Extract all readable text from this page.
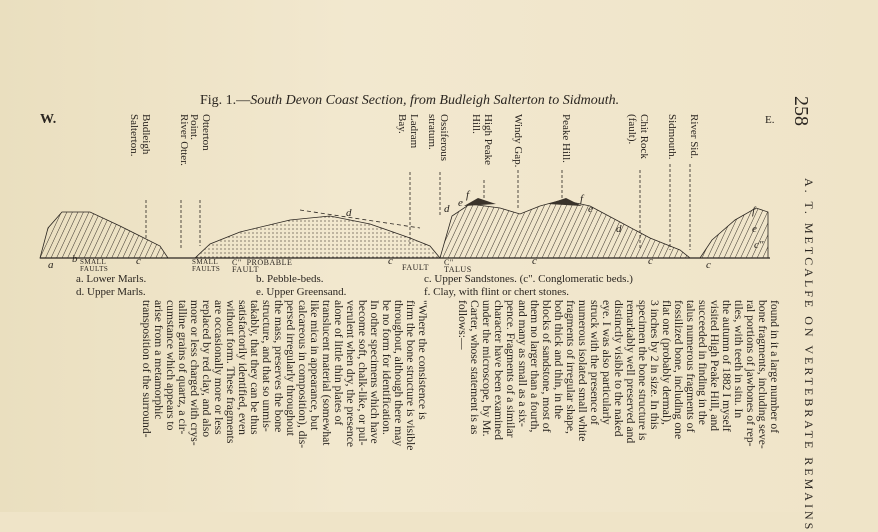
258
A. T. METCALFE ON VERTEBRATE REMAINS
Fig. 1.—South Devon Coast Section, from Budleigh Salterton to Sidmouth.
W.	E.
Budleigh
Salterton.	River Otter. Otterton
Point.	Ladram
Bay.	Ossiferous
stratum.	High Peake
Hill.	Windy Gap.	Peake Hill.	Chit Rock
(fault).	Sidmouth. River Sid.
a b	c	c	c	c	c
d	d e
f
e
f
e
f
d
c"
SMALL
FAULTS
SMALL
FAULTS
C"  PROBABLE
FAULT	FAULT
C"
TALUS
a. Lower Marls.
d. Upper Marls.
b. Pebble-beds.
e. Upper Greensand.
c. Upper Sandstones. (c". Conglomeratic beds.)
f. Clay, with flint or chert stones.
found in it a large number of
bone fragments, including seve-
ral portions of jawbones of rep-
tiles, with teeth in situ. In
the autumn of 1882 I myself
visited High Peake Hill, and
succeeded in finding in the
talus numerous fragments of
fossilized bone, including one
flat one (probably dermal),
3 inches by 2 in size. In this
specimen the bone structure is
remarkably well preserved and
distinctly visible to the naked
eye. I was also particularly
struck with the presence of
numerous isolated small white
fragments of irregular shape,
both thick and thin, in the
blocks of sandstone, most of
them no larger than a fourth,
and many as small as a six-
pence. Fragments of a similar
character have been examined
under the microscope, by Mr.
Carter, whose statement is as
follows:—
"Where the consistence is
firm the bone structure is visible
throughout, although there may
be no form for identification.
In other specimens which have
become soft, chalk-like, or pul-
verulent when dry, the presence
alone of little thin plates of
translucent material (somewhat
like mica in appearance, but
calcareous in composition), dis-
persed irregularly throughout
the mass, preserves the bone
structure, and that so unmis-
takably, that they can be thus
satisfactorily identified, even
without form. These fragments
are occasionally more or less
replaced by red clay, and also
more or less charged with crys-
talline grains of quartz, a cir-
cumstance which appears to
arise from a metamorphic
transposition of the surround-
